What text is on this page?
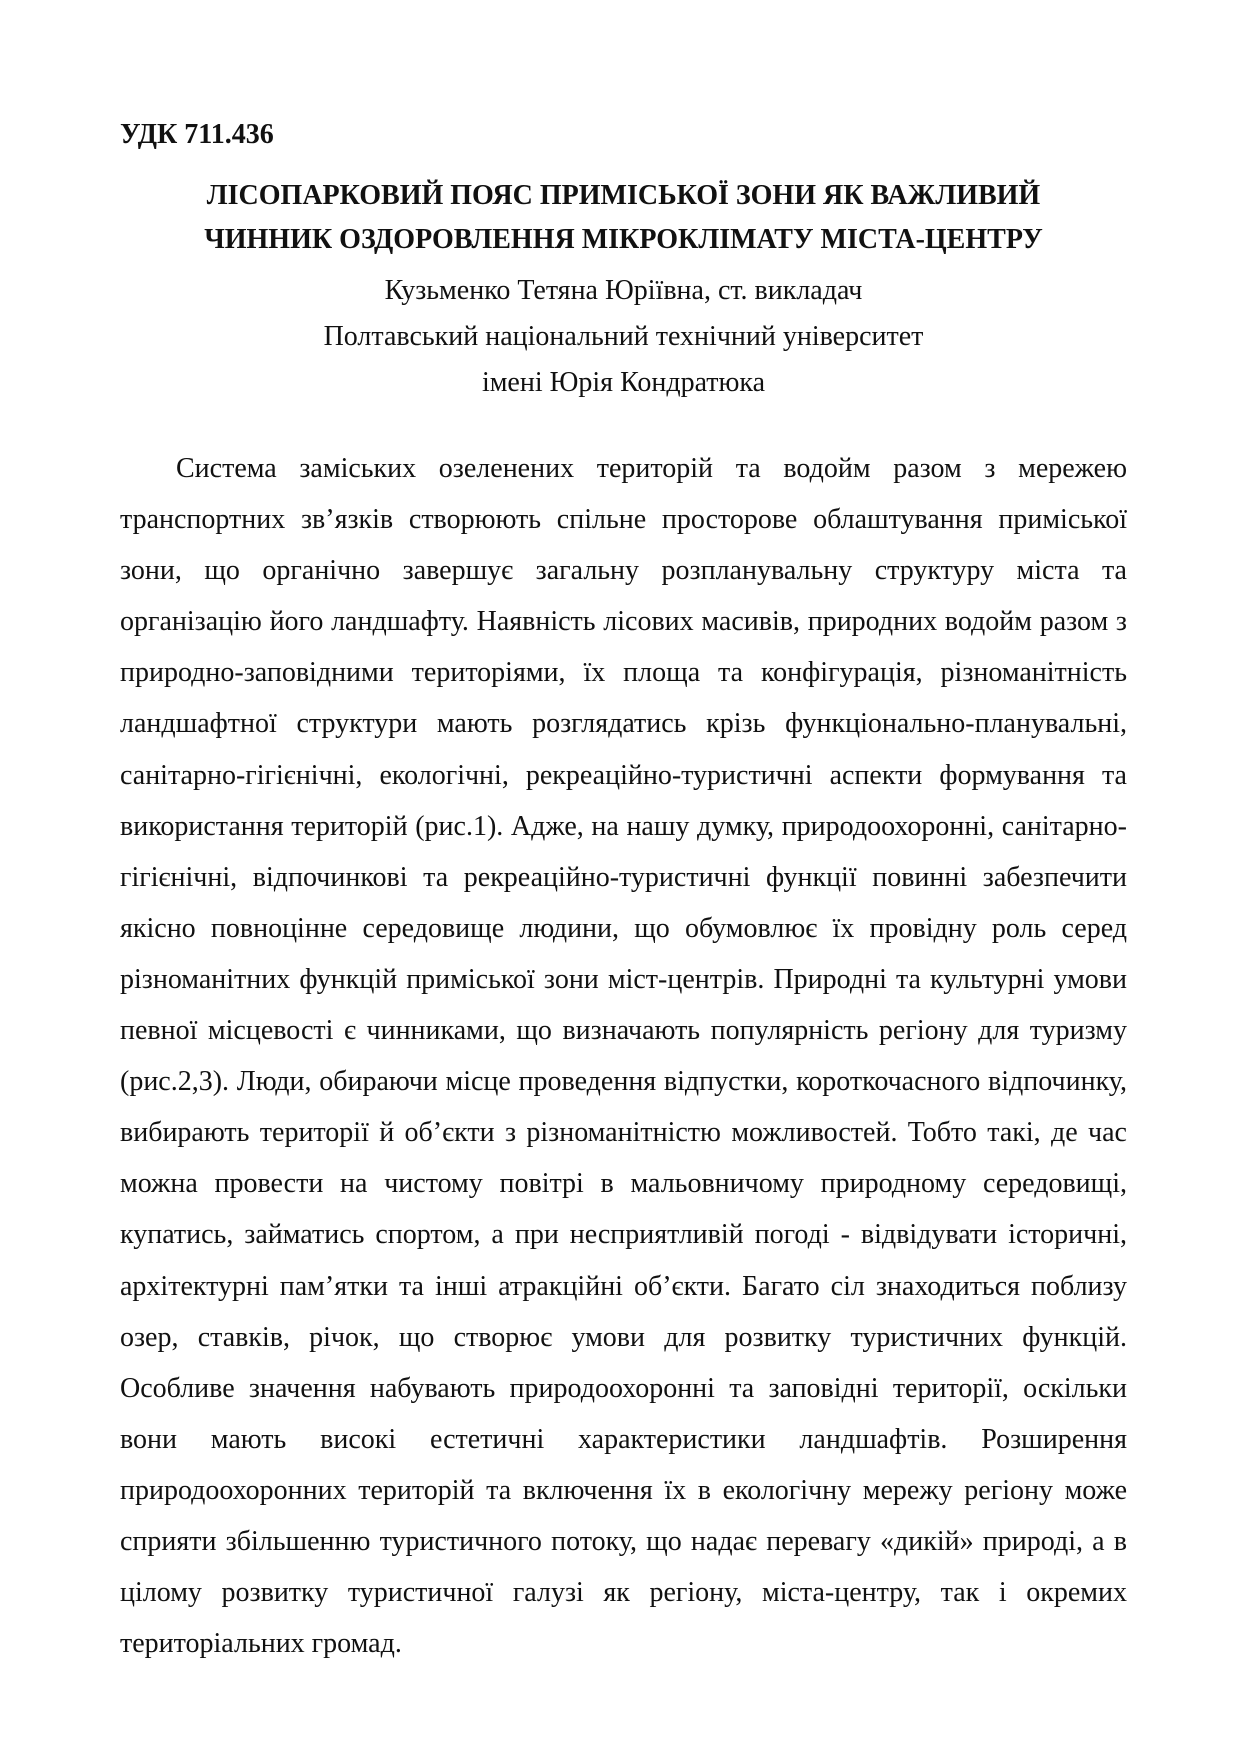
УДК 711.436
ЛІСОПАРКОВИЙ ПОЯС ПРИМІСЬКОЇ ЗОНИ ЯК ВАЖЛИВИЙ
ЧИННИК ОЗДОРОВЛЕННЯ МІКРОКЛІМАТУ МІСТА-ЦЕНТРУ
Кузьменко Тетяна Юріївна, ст. викладач
Полтавський національний технічний університет
імені Юрія Кондратюка

Система заміських озеленених територій та водойм разом з мережею транспортних зв’язків створюють спільне просторове облаштування приміської зони, що органічно завершує загальну розпланувальну структуру міста та організацію його ландшафту. Наявність лісових масивів, природних водойм разом з природно-заповідними територіями, їх площа та конфігурація, різноманітність ландшафтної структури мають розглядатись крізь функціонально-планувальні, санітарно-гігієнічні, екологічні, рекреаційно-туристичні аспекти формування та використання територій (рис.1). Адже, на нашу думку, природоохоронні, санітарно-гігієнічні, відпочинкові та рекреаційно-туристичні функції повинні забезпечити якісно повноцінне середовище людини, що обумовлює їх провідну роль серед різноманітних функцій приміської зони міст-центрів. Природні та культурні умови певної місцевості є чинниками, що визначають популярність регіону для туризму (рис.2,3). Люди, обираючи місце проведення відпустки, короткочасного відпочинку, вибирають території й об’єкти з різноманітністю можливостей. Тобто такі, де час можна провести на чистому повітрі в мальовничому природному середовищі, купатись, займатись спортом, а при несприятливій погоді - відвідувати історичні, архітектурні пам’ятки та інші атракційні об’єкти. Багато сіл знаходиться поблизу озер, ставків, річок, що створює умови для розвитку туристичних функцій. Особливе значення набувають природоохоронні та заповідні території, оскільки вони мають високі естетичні характеристики ландшафтів. Розширення природоохоронних територій та включення їх в екологічну мережу регіону може сприяти збільшенню туристичного потоку, що надає перевагу «дикій» природі, а в цілому розвитку туристичної галузі як регіону, міста-центру, так і окремих територіальних громад.
